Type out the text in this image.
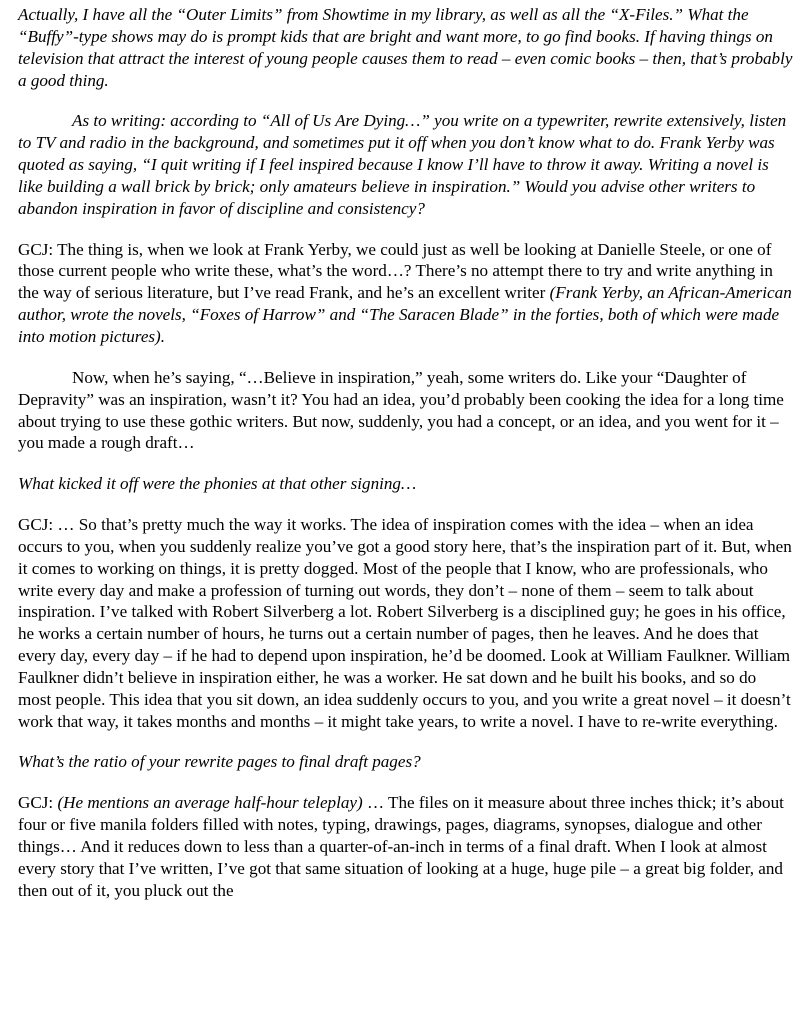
Actually, I have all the “Outer Limits” from Showtime in my library, as well as all the “X-Files.” What the “Buffy”-type shows may do is prompt kids that are bright and want more, to go find books. If having things on television that attract the interest of young people causes them to read – even comic books – then, that’s probably a good thing.

As to writing: according to “All of Us Are Dying…” you write on a typewriter, rewrite extensively, listen to TV and radio in the background, and sometimes put it off when you don’t know what to do. Frank Yerby was quoted as saying, “I quit writing if I feel inspired because I know I’ll have to throw it away. Writing a novel is like building a wall brick by brick; only amateurs believe in inspiration.” Would you advise other writers to abandon inspiration in favor of discipline and consistency?

GCJ: The thing is, when we look at Frank Yerby, we could just as well be looking at Danielle Steele, or one of those current people who write these, what’s the word…? There’s no attempt there to try and write anything in the way of serious literature, but I’ve read Frank, and he’s an excellent writer (Frank Yerby, an African-American author, wrote the novels, “Foxes of Harrow” and “The Saracen Blade” in the forties, both of which were made into motion pictures).

Now, when he’s saying, “…Believe in inspiration,” yeah, some writers do. Like your “Daughter of Depravity” was an inspiration, wasn’t it? You had an idea, you’d probably been cooking the idea for a long time about trying to use these gothic writers. But now, suddenly, you had a concept, or an idea, and you went for it – you made a rough draft…

What kicked it off were the phonies at that other signing…

GCJ: … So that’s pretty much the way it works. The idea of inspiration comes with the idea – when an idea occurs to you, when you suddenly realize you’ve got a good story here, that’s the inspiration part of it. But, when it comes to working on things, it is pretty dogged. Most of the people that I know, who are professionals, who write every day and make a profession of turning out words, they don’t – none of them – seem to talk about inspiration. I’ve talked with Robert Silverberg a lot. Robert Silverberg is a disciplined guy; he goes in his office, he works a certain number of hours, he turns out a certain number of pages, then he leaves. And he does that every day, every day – if he had to depend upon inspiration, he’d be doomed. Look at William Faulkner. William Faulkner didn’t believe in inspiration either, he was a worker. He sat down and he built his books, and so do most people. This idea that you sit down, an idea suddenly occurs to you, and you write a great novel – it doesn’t work that way, it takes months and months – it might take years, to write a novel. I have to re-write everything.

What’s the ratio of your rewrite pages to final draft pages?

GCJ: (He mentions an average half-hour teleplay) … The files on it measure about three inches thick; it’s about four or five manila folders filled with notes, typing, drawings, pages, diagrams, synopses, dialogue and other things… And it reduces down to less than a quarter-of-an-inch in terms of a final draft. When I look at almost every story that I’ve written, I’ve got that same situation of looking at a huge, huge pile – a great big folder, and then out of it, you pluck out the
